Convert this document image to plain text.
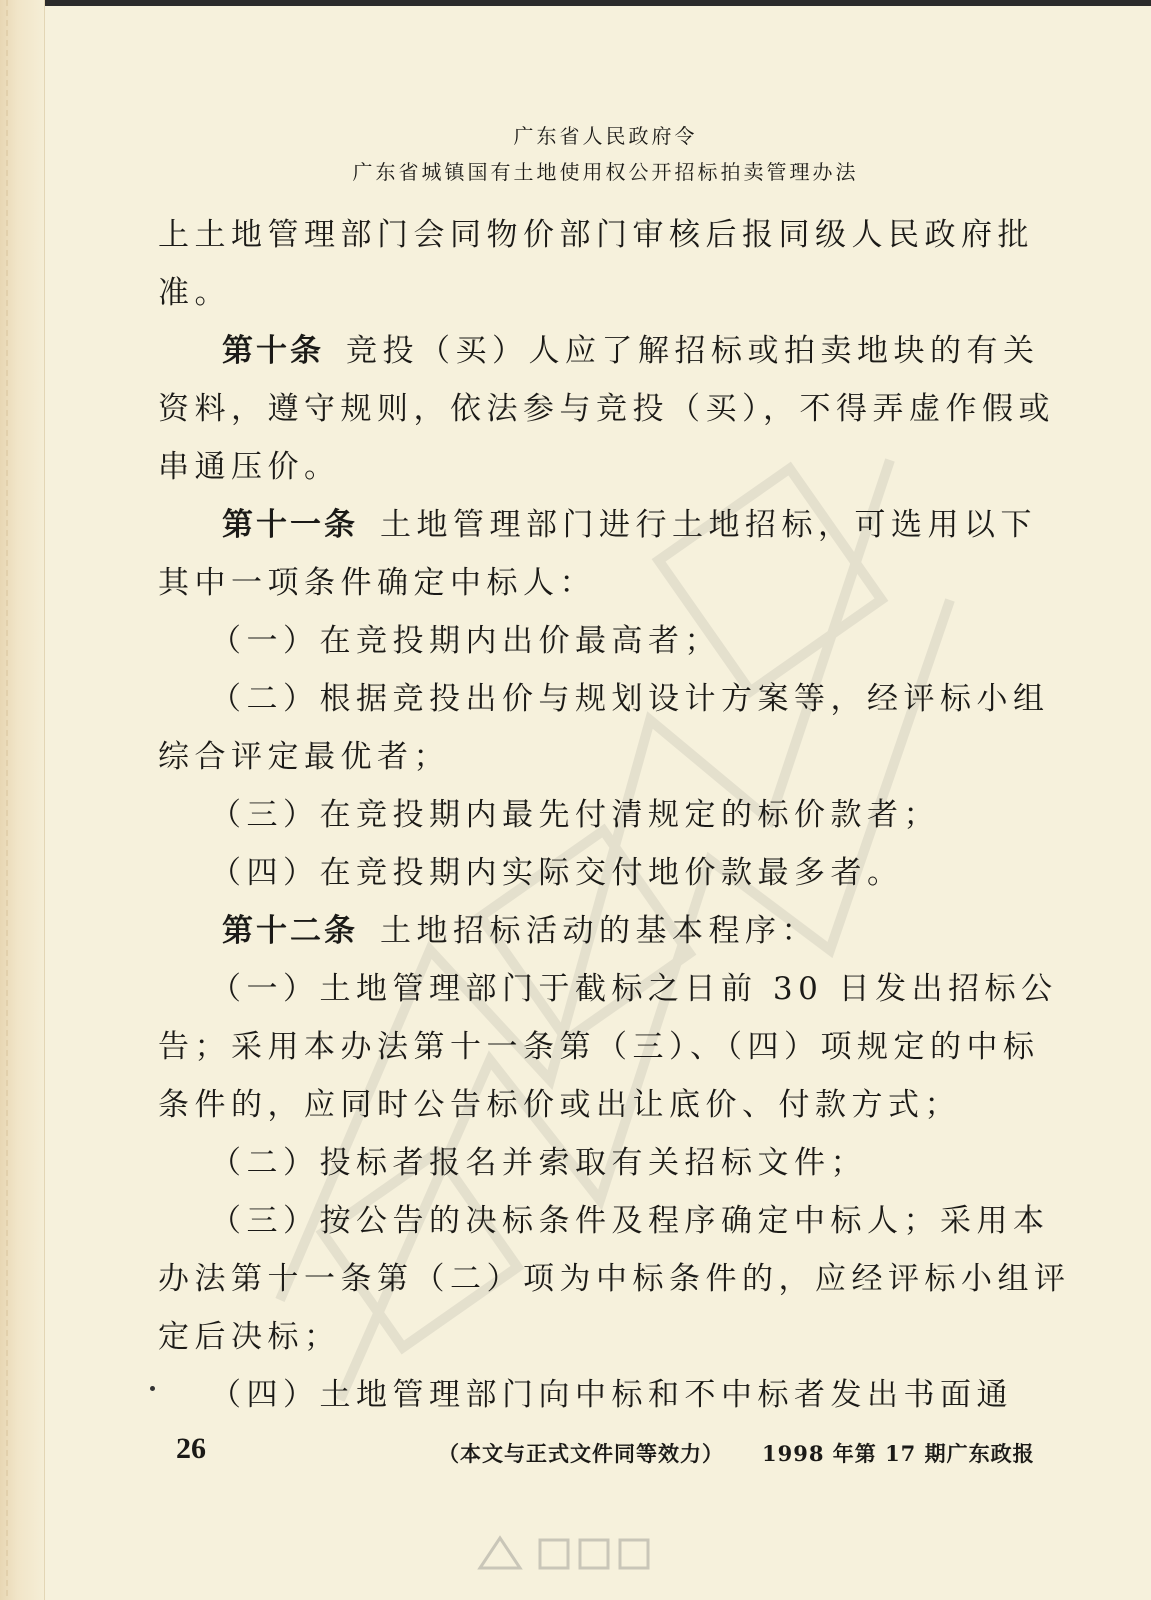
广东省人民政府令
广东省城镇国有土地使用权公开招标拍卖管理办法
上土地管理部门会同物价部门审核后报同级人民政府批
准。
第十条 竞投（买）人应了解招标或拍卖地块的有关
资料，遵守规则，依法参与竞投（买），不得弄虚作假或
串通压价。
第十一条 土地管理部门进行土地招标，可选用以下
其中一项条件确定中标人：
（一）在竞投期内出价最高者；
（二）根据竞投出价与规划设计方案等，经评标小组
综合评定最优者；
（三）在竞投期内最先付清规定的标价款者；
（四）在竞投期内实际交付地价款最多者。
第十二条 土地招标活动的基本程序：
（一）土地管理部门于截标之日前 30 日发出招标公
告；采用本办法第十一条第（三）、（四）项规定的中标
条件的，应同时公告标价或出让底价、付款方式；
（二）投标者报名并索取有关招标文件；
（三）按公告的决标条件及程序确定中标人；采用本
办法第十一条第（二）项为中标条件的，应经评标小组评
定后决标；
（四）土地管理部门向中标和不中标者发出书面通
26	（本文与正式文件同等效力） 1998 年第 17 期广东政报
